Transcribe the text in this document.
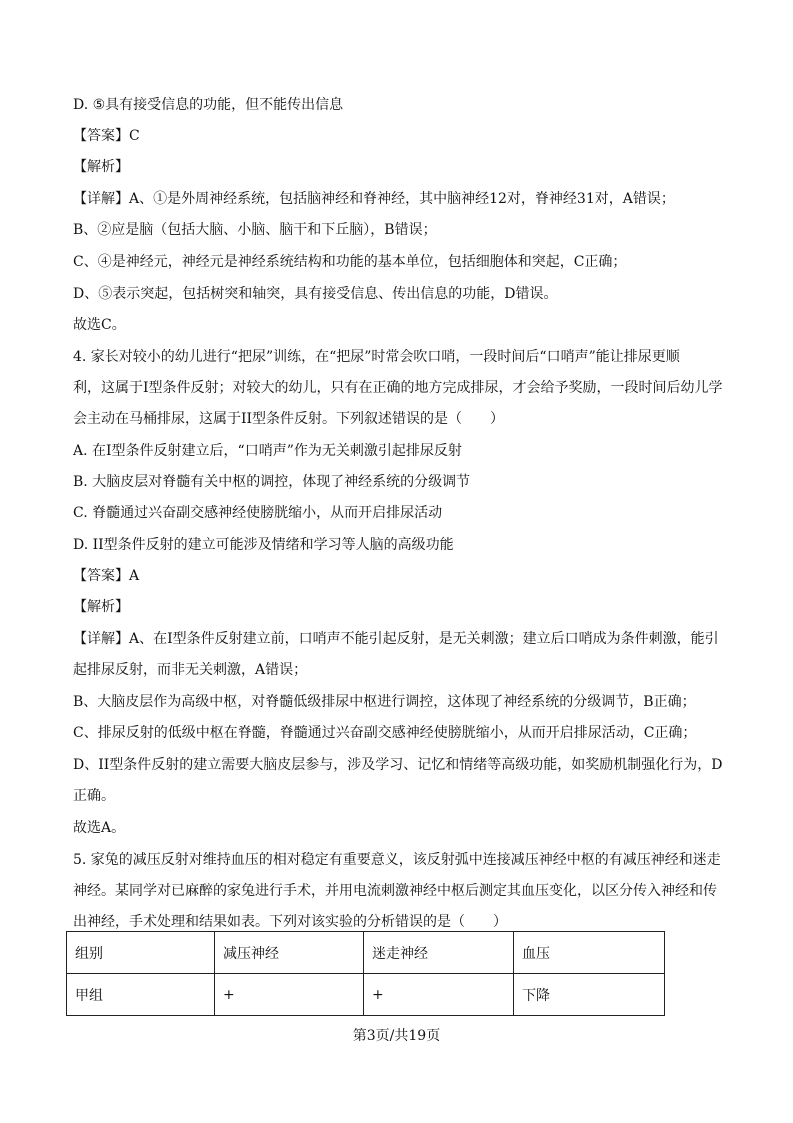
D. ⑤具有接受信息的功能，但不能传出信息
【答案】C
【解析】
【详解】A、①是外周神经系统，包括脑神经和脊神经，其中脑神经12对，脊神经31对，A错误；
B、②应是脑（包括大脑、小脑、脑干和下丘脑），B错误；
C、④是神经元，神经元是神经系统结构和功能的基本单位，包括细胞体和突起，C正确；
D、⑤表示突起，包括树突和轴突，具有接受信息、传出信息的功能，D错误。
故选C。
4. 家长对较小的幼儿进行“把尿”训练，在“把尿”时常会吹口哨，一段时间后“口哨声”能让排尿更顺
利，这属于I型条件反射；对较大的幼儿，只有在正确的地方完成排尿，才会给予奖励，一段时间后幼儿学
会主动在马桶排尿，这属于II型条件反射。下列叙述错误的是（　　）
A. 在I型条件反射建立后，“口哨声”作为无关刺激引起排尿反射
B. 大脑皮层对脊髓有关中枢的调控，体现了神经系统的分级调节
C. 脊髓通过兴奋副交感神经使膀胱缩小，从而开启排尿活动
D. II型条件反射的建立可能涉及情绪和学习等人脑的高级功能
【答案】A
【解析】
【详解】A、在I型条件反射建立前，口哨声不能引起反射，是无关刺激；建立后口哨成为条件刺激，能引
起排尿反射，而非无关刺激，A错误；
B、大脑皮层作为高级中枢，对脊髓低级排尿中枢进行调控，这体现了神经系统的分级调节，B正确；
C、排尿反射的低级中枢在脊髓，脊髓通过兴奋副交感神经使膀胱缩小，从而开启排尿活动，C正确；
D、II型条件反射的建立需要大脑皮层参与，涉及学习、记忆和情绪等高级功能，如奖励机制强化行为，D
正确。
故选A。
5. 家兔的减压反射对维持血压的相对稳定有重要意义，该反射弧中连接减压神经中枢的有减压神经和迷走
神经。某同学对已麻醉的家兔进行手术，并用电流刺激神经中枢后测定其血压变化，以区分传入神经和传
出神经，手术处理和结果如表。下列对该实验的分析错误的是（　　）
组别	减压神经	迷走神经	血压
甲组	+	+	下降
第3页/共19页
